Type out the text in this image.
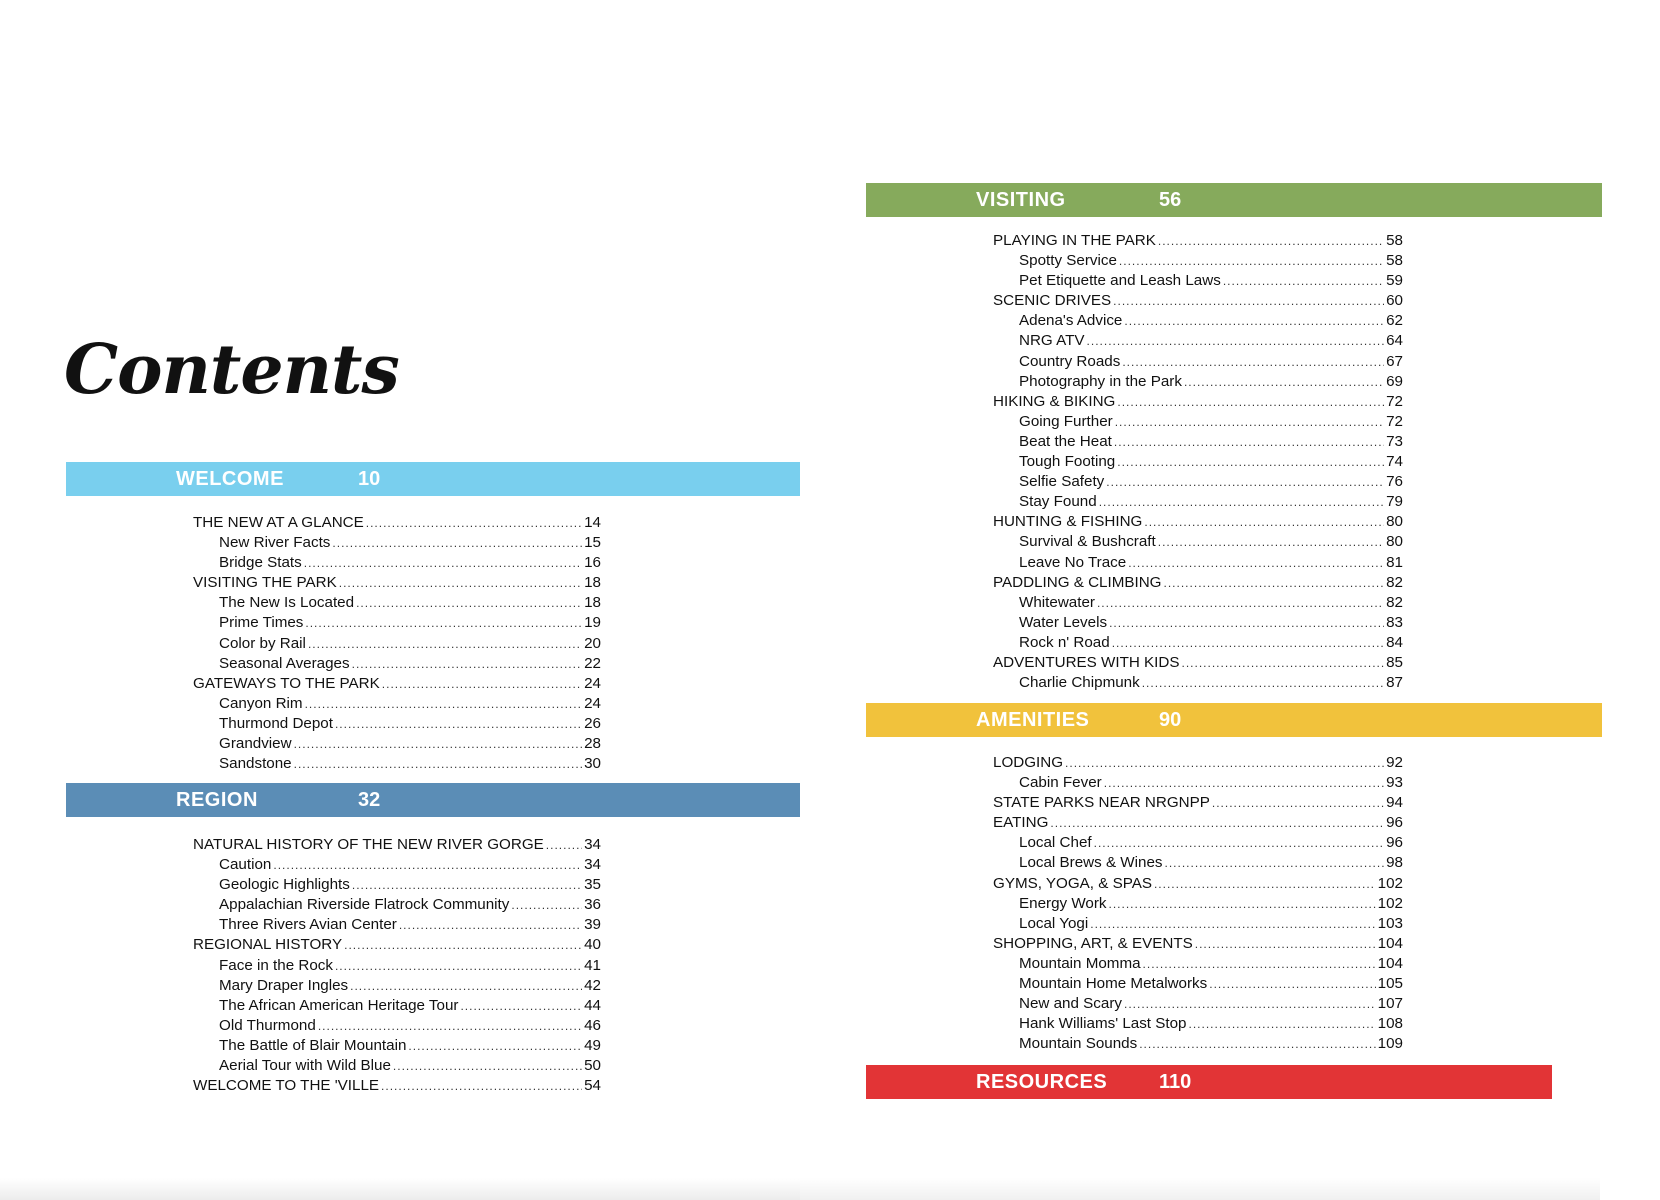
Contents
WELCOME	10
THE NEW AT A GLANCE .....	14
New River Facts .....	15
Bridge Stats .....	16
VISITING THE PARK .....	18
The New Is Located .....	18
Prime Times .....	19
Color by Rail .....	20
Seasonal Averages .....	22
GATEWAYS TO THE PARK .....	24
Canyon Rim .....	24
Thurmond Depot .....	26
Grandview .....	28
Sandstone .....	30
REGION	32
NATURAL HISTORY OF THE NEW RIVER GORGE .....	34
Caution .....	34
Geologic Highlights .....	35
Appalachian Riverside Flatrock Community .....	36
Three Rivers Avian Center .....	39
REGIONAL HISTORY .....	40
Face in the Rock .....	41
Mary Draper Ingles .....	42
The African American Heritage Tour .....	44
Old Thurmond .....	46
The Battle of Blair Mountain .....	49
Aerial Tour with Wild Blue .....	50
WELCOME TO THE 'VILLE .....	54
VISITING	56
PLAYING IN THE PARK .....	58
Spotty Service .....	58
Pet Etiquette and Leash Laws .....	59
SCENIC DRIVES .....	60
Adena's Advice .....	62
NRG ATV .....	64
Country Roads .....	67
Photography in the Park .....	69
HIKING & BIKING .....	72
Going Further .....	72
Beat the Heat .....	73
Tough Footing .....	74
Selfie Safety .....	76
Stay Found .....	79
HUNTING & FISHING .....	80
Survival & Bushcraft .....	80
Leave No Trace .....	81
PADDLING & CLIMBING .....	82
Whitewater .....	82
Water Levels .....	83
Rock n' Road .....	84
ADVENTURES WITH KIDS .....	85
Charlie Chipmunk .....	87
AMENITIES	90
LODGING .....	92
Cabin Fever .....	93
STATE PARKS NEAR NRGNPP .....	94
EATING .....	96
Local Chef .....	96
Local Brews & Wines .....	98
GYMS, YOGA, & SPAS .....	102
Energy Work .....	102
Local Yogi .....	103
SHOPPING, ART, & EVENTS .....	104
Mountain Momma .....	104
Mountain Home Metalworks .....	105
New and Scary .....	107
Hank Williams' Last Stop .....	108
Mountain Sounds .....	109
RESOURCES	110
